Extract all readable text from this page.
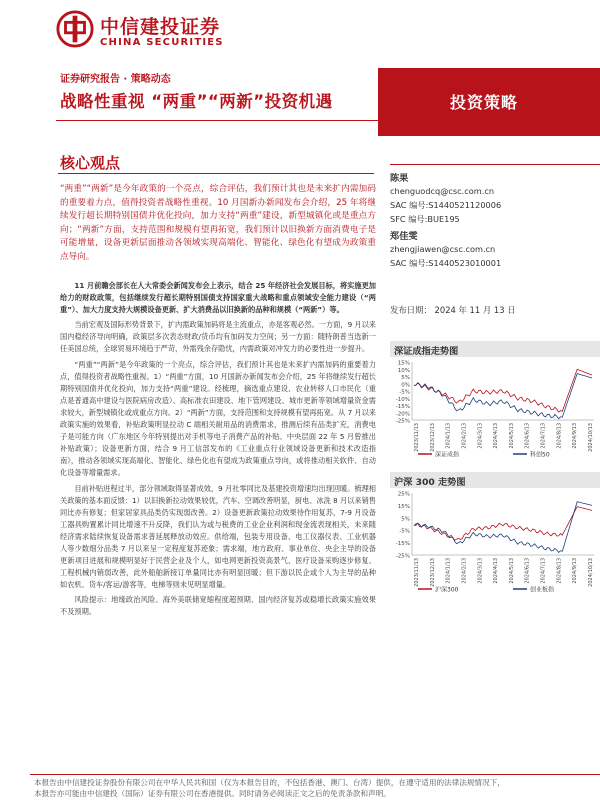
中信建投证券
CHINA SECURITIES
证券研究报告 · 策略动态
战略性重视 “两重”“两新”投资机遇	投资策略
核心观点
“两重”“两新”是今年政策的一个亮点，综合评估，我们预计其也是未来扩内需加码的重要着力点，值得投资者战略性重视。10 月国新办新闻发布会介绍，25 年将继续发行超长期特别国债并优化投向，加力支持“两重”建设，新型城镇化或是重点方向；“两新”方面，支持范围和规模有望再拓宽，我们预计以旧换新方面消费电子是可能增量，设备更新层面推动各领域实现高端化、智能化、绿色化有望成为政策重点导向。

11 月前瞻会部长在人大常委会新闻发布会上表示，结合 25 年经济社会发展目标，将实施更加给力的财政政策，包括继续发行超长期特别国债支持国家重大战略和重点领域安全能力建设（“两重”）、加大力度支持大规模设备更新、扩大消费品以旧换新的品种和规模（“两新”）等。

当前宏观及国际形势背景下，扩内需政策加码将是主流重点，亦是客观必然。一方面，9 月以来国内稳经济导向明确，政策层多次表态财政/货币均有加码发力空间；另一方面：随特朗普当选新一任美国总统，全球贸易环境趋于严苛，外需残余存隐忧，内需政策对冲发力的必要性进一步提升。

“两重”“两新”是今年政策的一个亮点，综合评估，我们预计其也是未来扩内需加码的重要着力点，值得投资者战略性重视。1）“两重”方面，10 月国新办新闻发布会介绍，25 年将继续发行超长期特别国债并优化投向，加力支持“两重”建设。经梳理，摘选重点建设、农业转移人口市民化（重点是普通高中建设与医院病房改造）、高标准农田建设、地下管网建设、城市更新等领域增量资金需求较大，新型城镇化或成重点方向。2）“两新”方面，支持范围和支持规模有望再拓宽。从 7 月以来政策实施的效果看，补贴政策明显拉动 C 端相关耐用品的消费需求，推测后续有品类扩充，消费电子是可能方向（广东地区今年特别提出对手机等电子消费产品的补贴、中央层面 22 年 5 月曾推出补贴政策）；设备更新方面，结合 9 月工信部发布的《工业重点行业领域设备更新和技术改造指南》，推动各领域实现高端化、智能化、绿色化也有望成为政策重点导向，或将推动相关软件、自动化设备等增量需求。

目前补贴进程过半，部分领域取得显著成效，9 月社零同比及基建投资增速均出现回暖。梳理相关政策的基本面反馈：1）以旧换新拉动效果较优，汽车、空调改善明显，厨电、冰洗 8 月以来销售同比亦有修复；但家居家具品类仍实现弱改善。2）设备更新政策拉动效果待作用复苏，7-9 月设备工器具购置累计同比增速不升反降，我们认为或与税费的工业企业利润和现金流表现相关，未来随经济需求陆续恢复设备需求普延展释放动效应。供给端，包装专用设备、电工仪器仪表、工业机器人等少数细分品类 7 月以来呈一定程度复苏迹象；需求端，地方政府、事业单位、央企主导的设备更新项目进展和规模明显好于民营企业及个人，如电网更新投资高景气、医疗设备采购逐步修复、工程机械内销弱改善，此外船舶新接订单量同比亦有明显回暖；但下游以民企或个人为主导的品种如农机、货车/客运/游客等，电梯等则未见明显增量。

风险提示：地缘政治风险、海外美联储宽缩程度超预期、国内经济复苏或稳增长政策实施效果不及预期。

陈果
chenguodcq@csc.com.cn
SAC 编号:S1440521120006
SFC 编号:BUE195
郑佳雯
zhengjiawen@csc.com.cn
SAC 编号:S1440523010001
发布日期： 2024 年 11 月 13 日
深证成指走势图
15%
10%
5%
0%
-5%
-10%
-15%
-20%
-25%
2023/11/13 2023/12/13 2024/1/13 2024/2/13 2024/3/13 2024/4/13 2024/5/13 2024/6/13 2024/7/13 2024/8/13 2024/9/13 2024/10/13
深证成指	科创50
沪深 300 走势图
25%
15%
5%
-5%
-15%
-25%
2023/11/13 2023/12/13 2024/1/13 2024/2/13 2024/3/13 2024/4/13 2024/5/13 2024/6/13 2024/7/13 2024/8/13 2024/9/13 2024/10/13
沪深300	创业板指
本报告由中信建投证券股份有限公司在中华人民共和国（仅为本报告目的，不包括香港、澳门、台湾）提供，在遵守适用的法律法规情况下，
本报告亦可能由中信建投（国际）证券有限公司在香港提供。同时请务必阅读正文之后的免责条款和声明。
